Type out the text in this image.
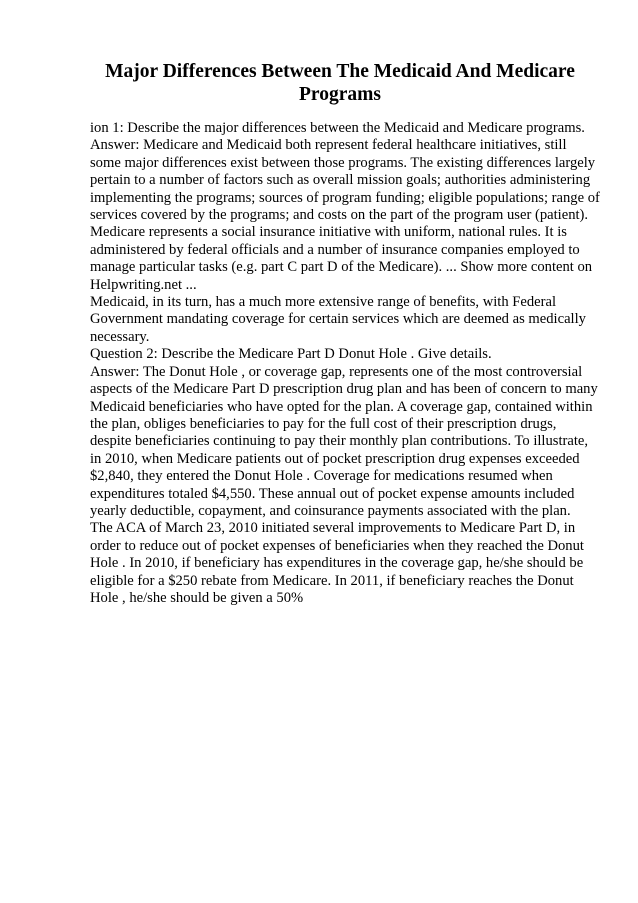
Major Differences Between The Medicaid And Medicare Programs

ion 1: Describe the major differences between the Medicaid and Medicare programs.

Answer: Medicare and Medicaid both represent federal healthcare initiatives, still some major differences exist between those programs. The existing differences largely pertain to a number of factors such as overall mission goals; authorities administering implementing the programs; sources of program funding; eligible populations; range of services covered by the programs; and costs on the part of the program user (patient).

Medicare represents a social insurance initiative with uniform, national rules. It is administered by federal officials and a number of insurance companies employed to manage particular tasks (e.g. part C part D of the Medicare). ... Show more content on Helpwriting.net ...

Medicaid, in its turn, has a much more extensive range of benefits, with Federal Government mandating coverage for certain services which are deemed as medically necessary.

Question 2: Describe the Medicare Part D Donut Hole . Give details.

Answer: The Donut Hole , or coverage gap, represents one of the most controversial aspects of the Medicare Part D prescription drug plan and has been of concern to many Medicaid beneficiaries who have opted for the plan. A coverage gap, contained within the plan, obliges beneficiaries to pay for the full cost of their prescription drugs, despite beneficiaries continuing to pay their monthly plan contributions. To illustrate, in 2010, when Medicare patients out of pocket prescription drug expenses exceeded $2,840, they entered the Donut Hole . Coverage for medications resumed when expenditures totaled $4,550. These annual out of pocket expense amounts included yearly deductible, copayment, and coinsurance payments associated with the plan.

The ACA of March 23, 2010 initiated several improvements to Medicare Part D, in order to reduce out of pocket expenses of beneficiaries when they reached the Donut Hole . In 2010, if beneficiary has expenditures in the coverage gap, he/she should be eligible for a $250 rebate from Medicare. In 2011, if beneficiary reaches the Donut Hole , he/she should be given a 50%
